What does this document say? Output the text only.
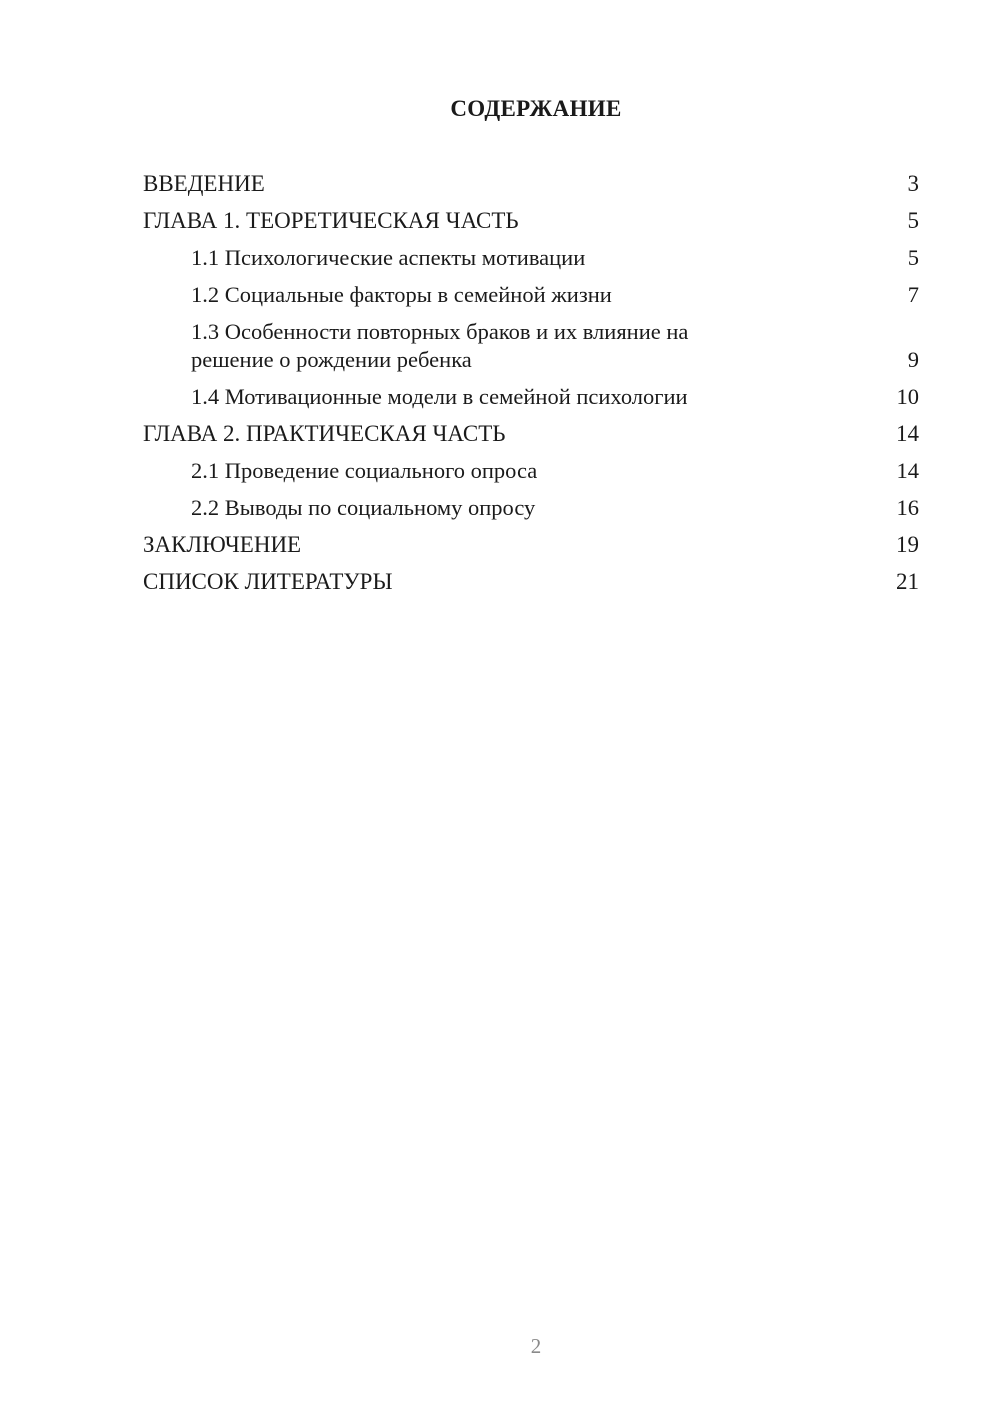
СОДЕРЖАНИЕ
ВВЕДЕНИЕ	3
ГЛАВА 1. ТЕОРЕТИЧЕСКАЯ ЧАСТЬ	5
1.1 Психологические аспекты мотивации	5
1.2 Социальные факторы в семейной жизни	7
1.3 Особенности повторных браков и их влияние на решение о рождении ребенка	9
1.4 Мотивационные модели в семейной психологии	10
ГЛАВА 2. ПРАКТИЧЕСКАЯ ЧАСТЬ	14
2.1 Проведение социального опроса	14
2.2 Выводы по социальному опросу	16
ЗАКЛЮЧЕНИЕ	19
СПИСОК ЛИТЕРАТУРЫ	21
2
